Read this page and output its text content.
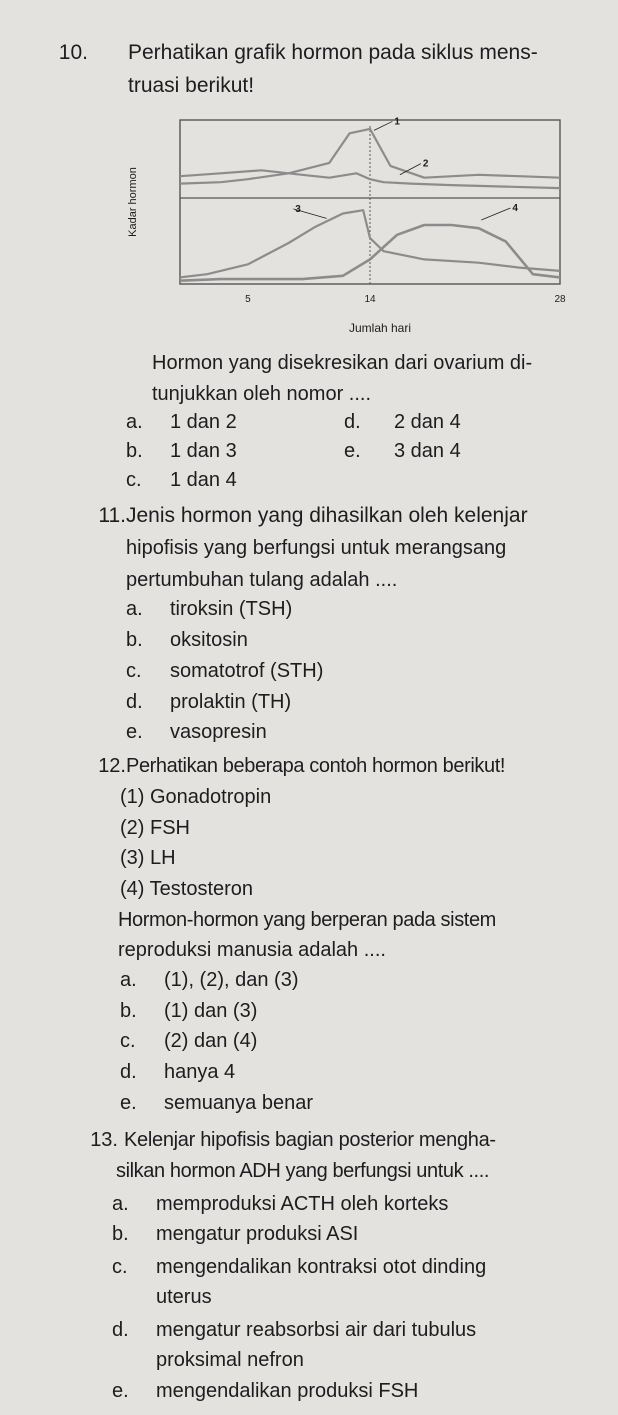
10. Perhatikan grafik hormon pada siklus mens-
truasi berikut!
Kadar hormon
5	14	28
Jumlah hari
1
2
3	4
Hormon yang disekresikan dari ovarium di-
tunjukkan oleh nomor ....
a. 1 dan 2
b. 1 dan 3
c. 1 dan 4
d. 2 dan 4
e. 3 dan 4
11. Jenis hormon yang dihasilkan oleh kelenjar
hipofisis yang berfungsi untuk merangsang
pertumbuhan tulang adalah ....
a. tiroksin (TSH)
b. oksitosin
c. somatotrof (STH)
d. prolaktin (TH)
e. vasopresin
12. Perhatikan beberapa contoh hormon berikut!
(1) Gonadotropin
(2) FSH
(3) LH
(4) Testosteron
Hormon-hormon yang berperan pada sistem
reproduksi manusia adalah ....
a. (1), (2), dan (3)
b. (1) dan (3)
c. (2) dan (4)
d. hanya 4
e. semuanya benar
13. Kelenjar hipofisis bagian posterior mengha-
silkan hormon ADH yang berfungsi untuk ....
a. memproduksi ACTH oleh korteks
b. mengatur produksi ASI
c. mengendalikan kontraksi otot dinding
uterus
d. mengatur reabsorbsi air dari tubulus
proksimal nefron
e. mengendalikan produksi FSH
